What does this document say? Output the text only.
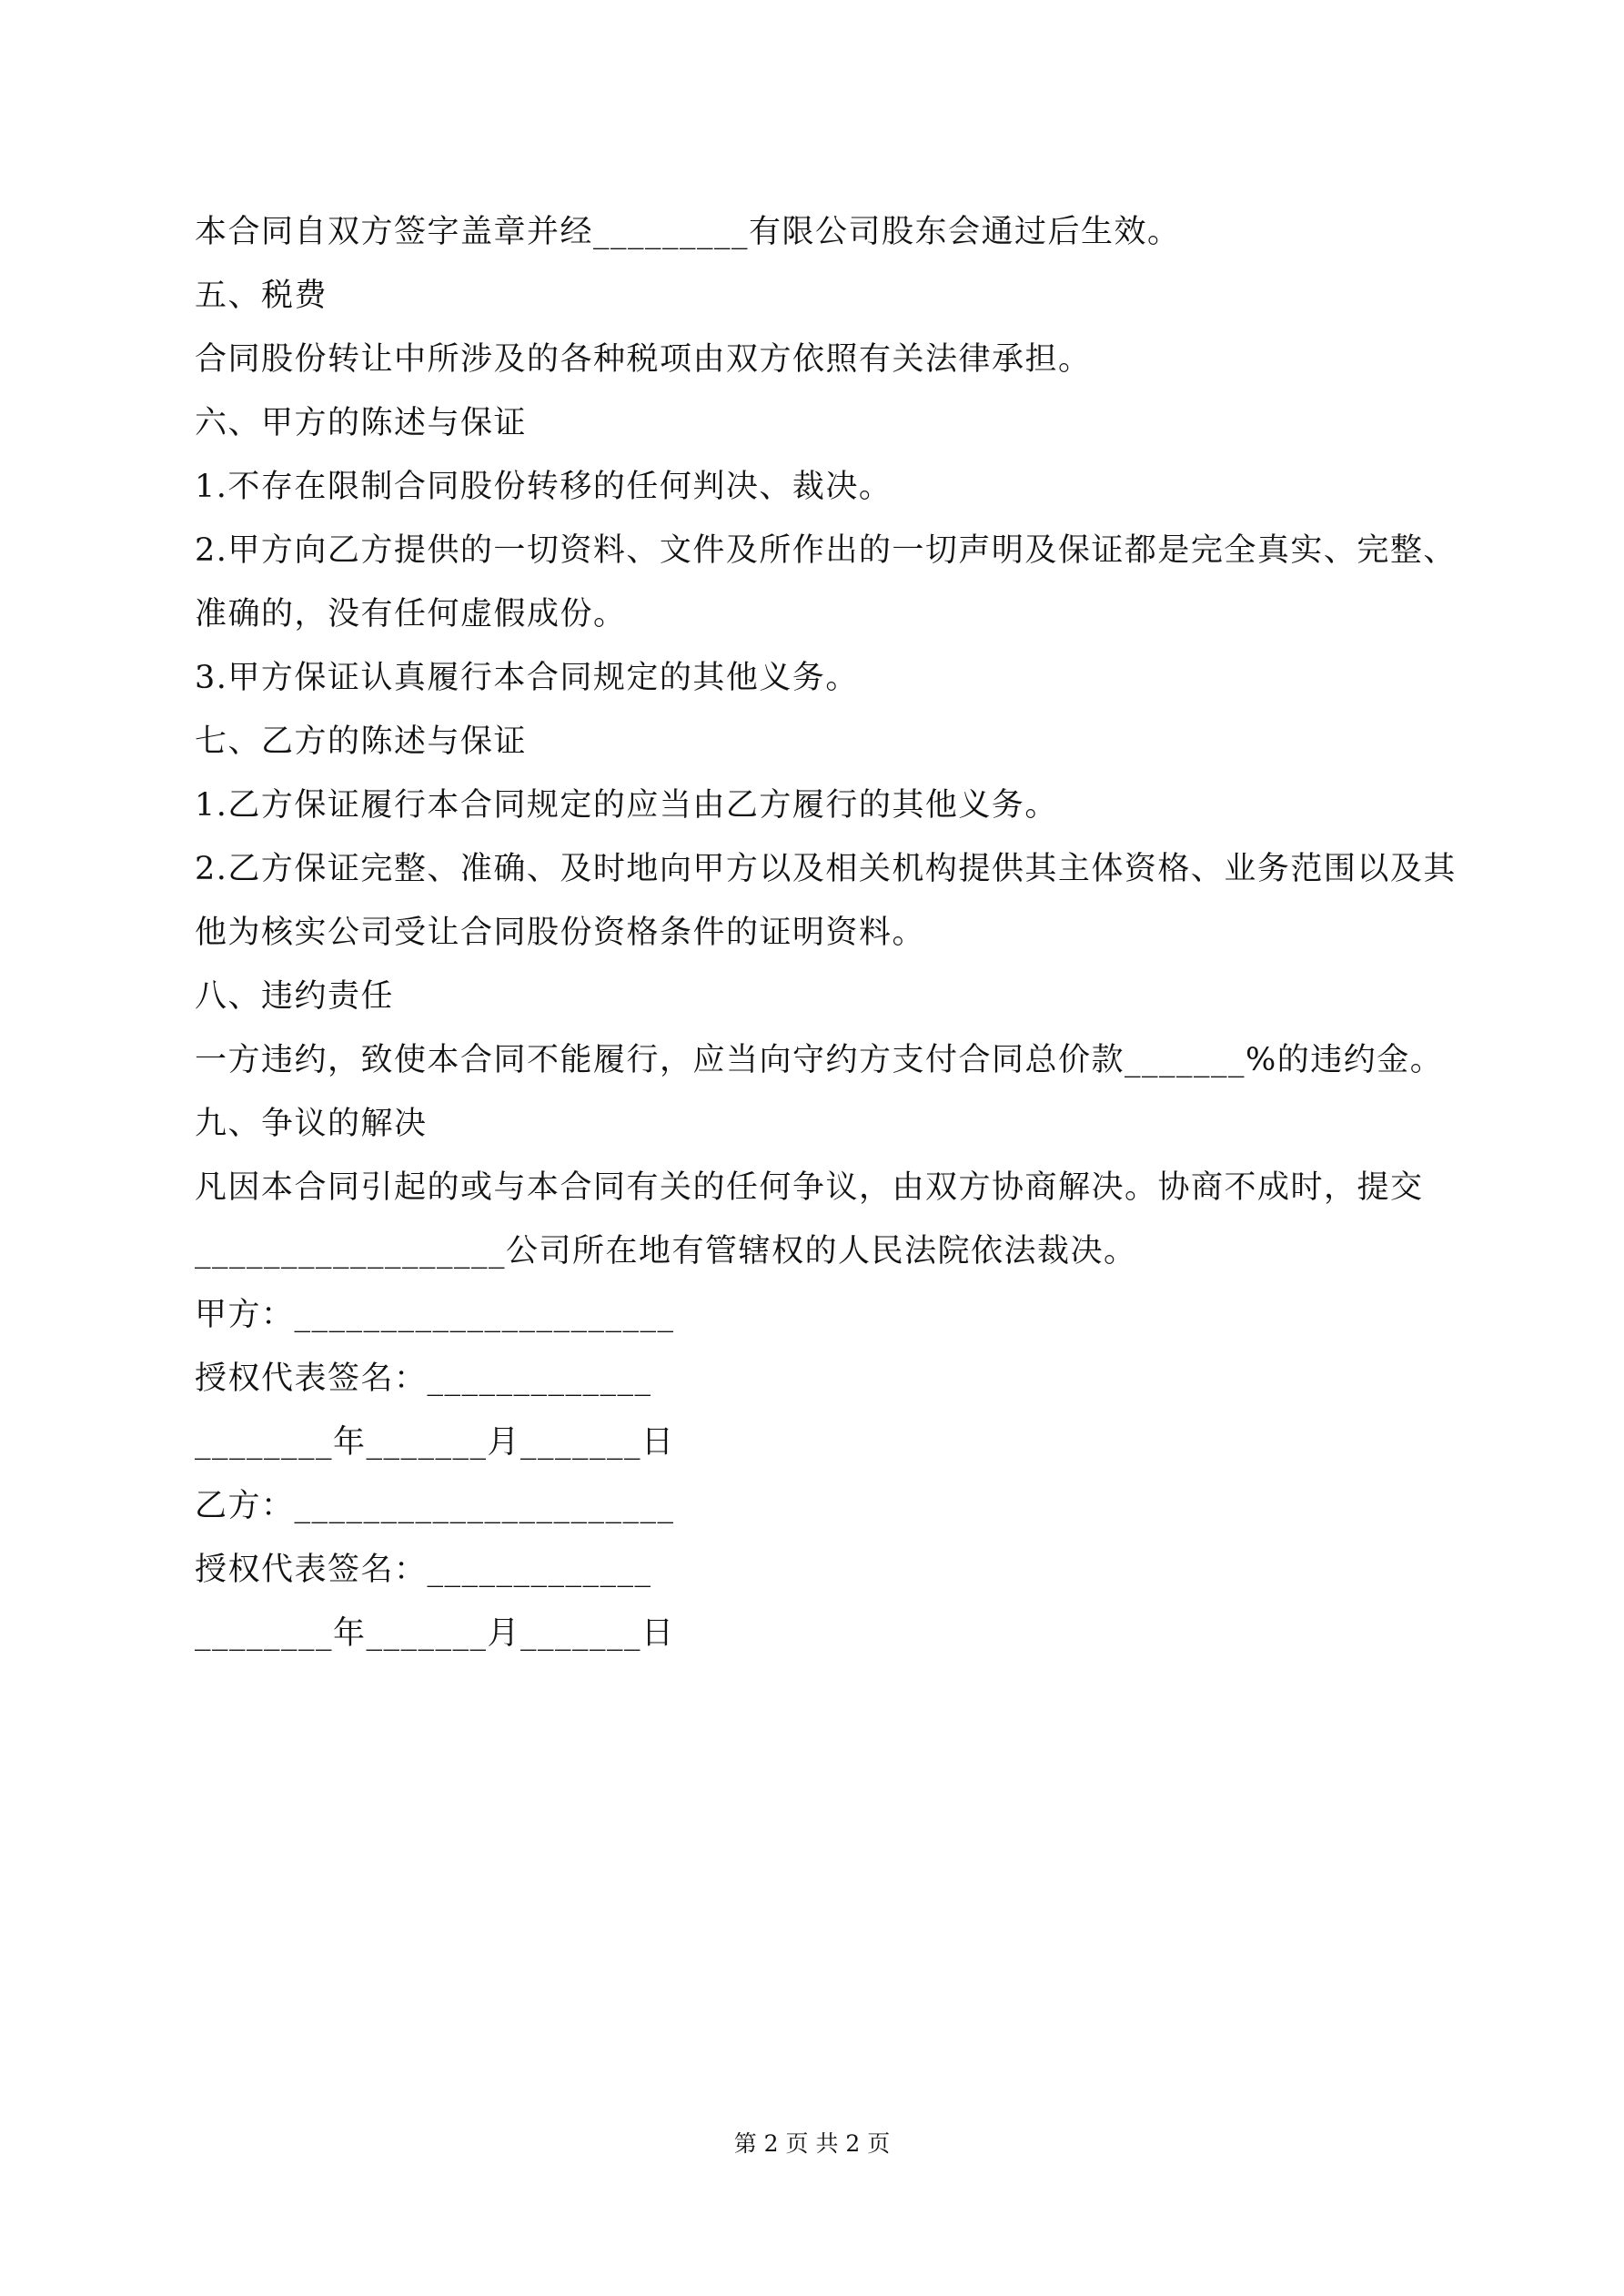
本合同自双方签字盖章并经_________有限公司股东会通过后生效。
五、税费
合同股份转让中所涉及的各种税项由双方依照有关法律承担。
六、甲方的陈述与保证
1.不存在限制合同股份转移的任何判决、裁决。
2.甲方向乙方提供的一切资料、文件及所作出的一切声明及保证都是完全真实、完整、
准确的，没有任何虚假成份。
3.甲方保证认真履行本合同规定的其他义务。
七、乙方的陈述与保证
1.乙方保证履行本合同规定的应当由乙方履行的其他义务。
2.乙方保证完整、准确、及时地向甲方以及相关机构提供其主体资格、业务范围以及其
他为核实公司受让合同股份资格条件的证明资料。
八、违约责任
一方违约，致使本合同不能履行，应当向守约方支付合同总价款_______%的违约金。
九、争议的解决
凡因本合同引起的或与本合同有关的任何争议，由双方协商解决。协商不成时，提交
__________________公司所在地有管辖权的人民法院依法裁决。
甲方：______________________
授权代表签名：_____________
________年_______月_______日
乙方：______________________
授权代表签名：_____________
________年_______月_______日
第 2 页 共 2 页
